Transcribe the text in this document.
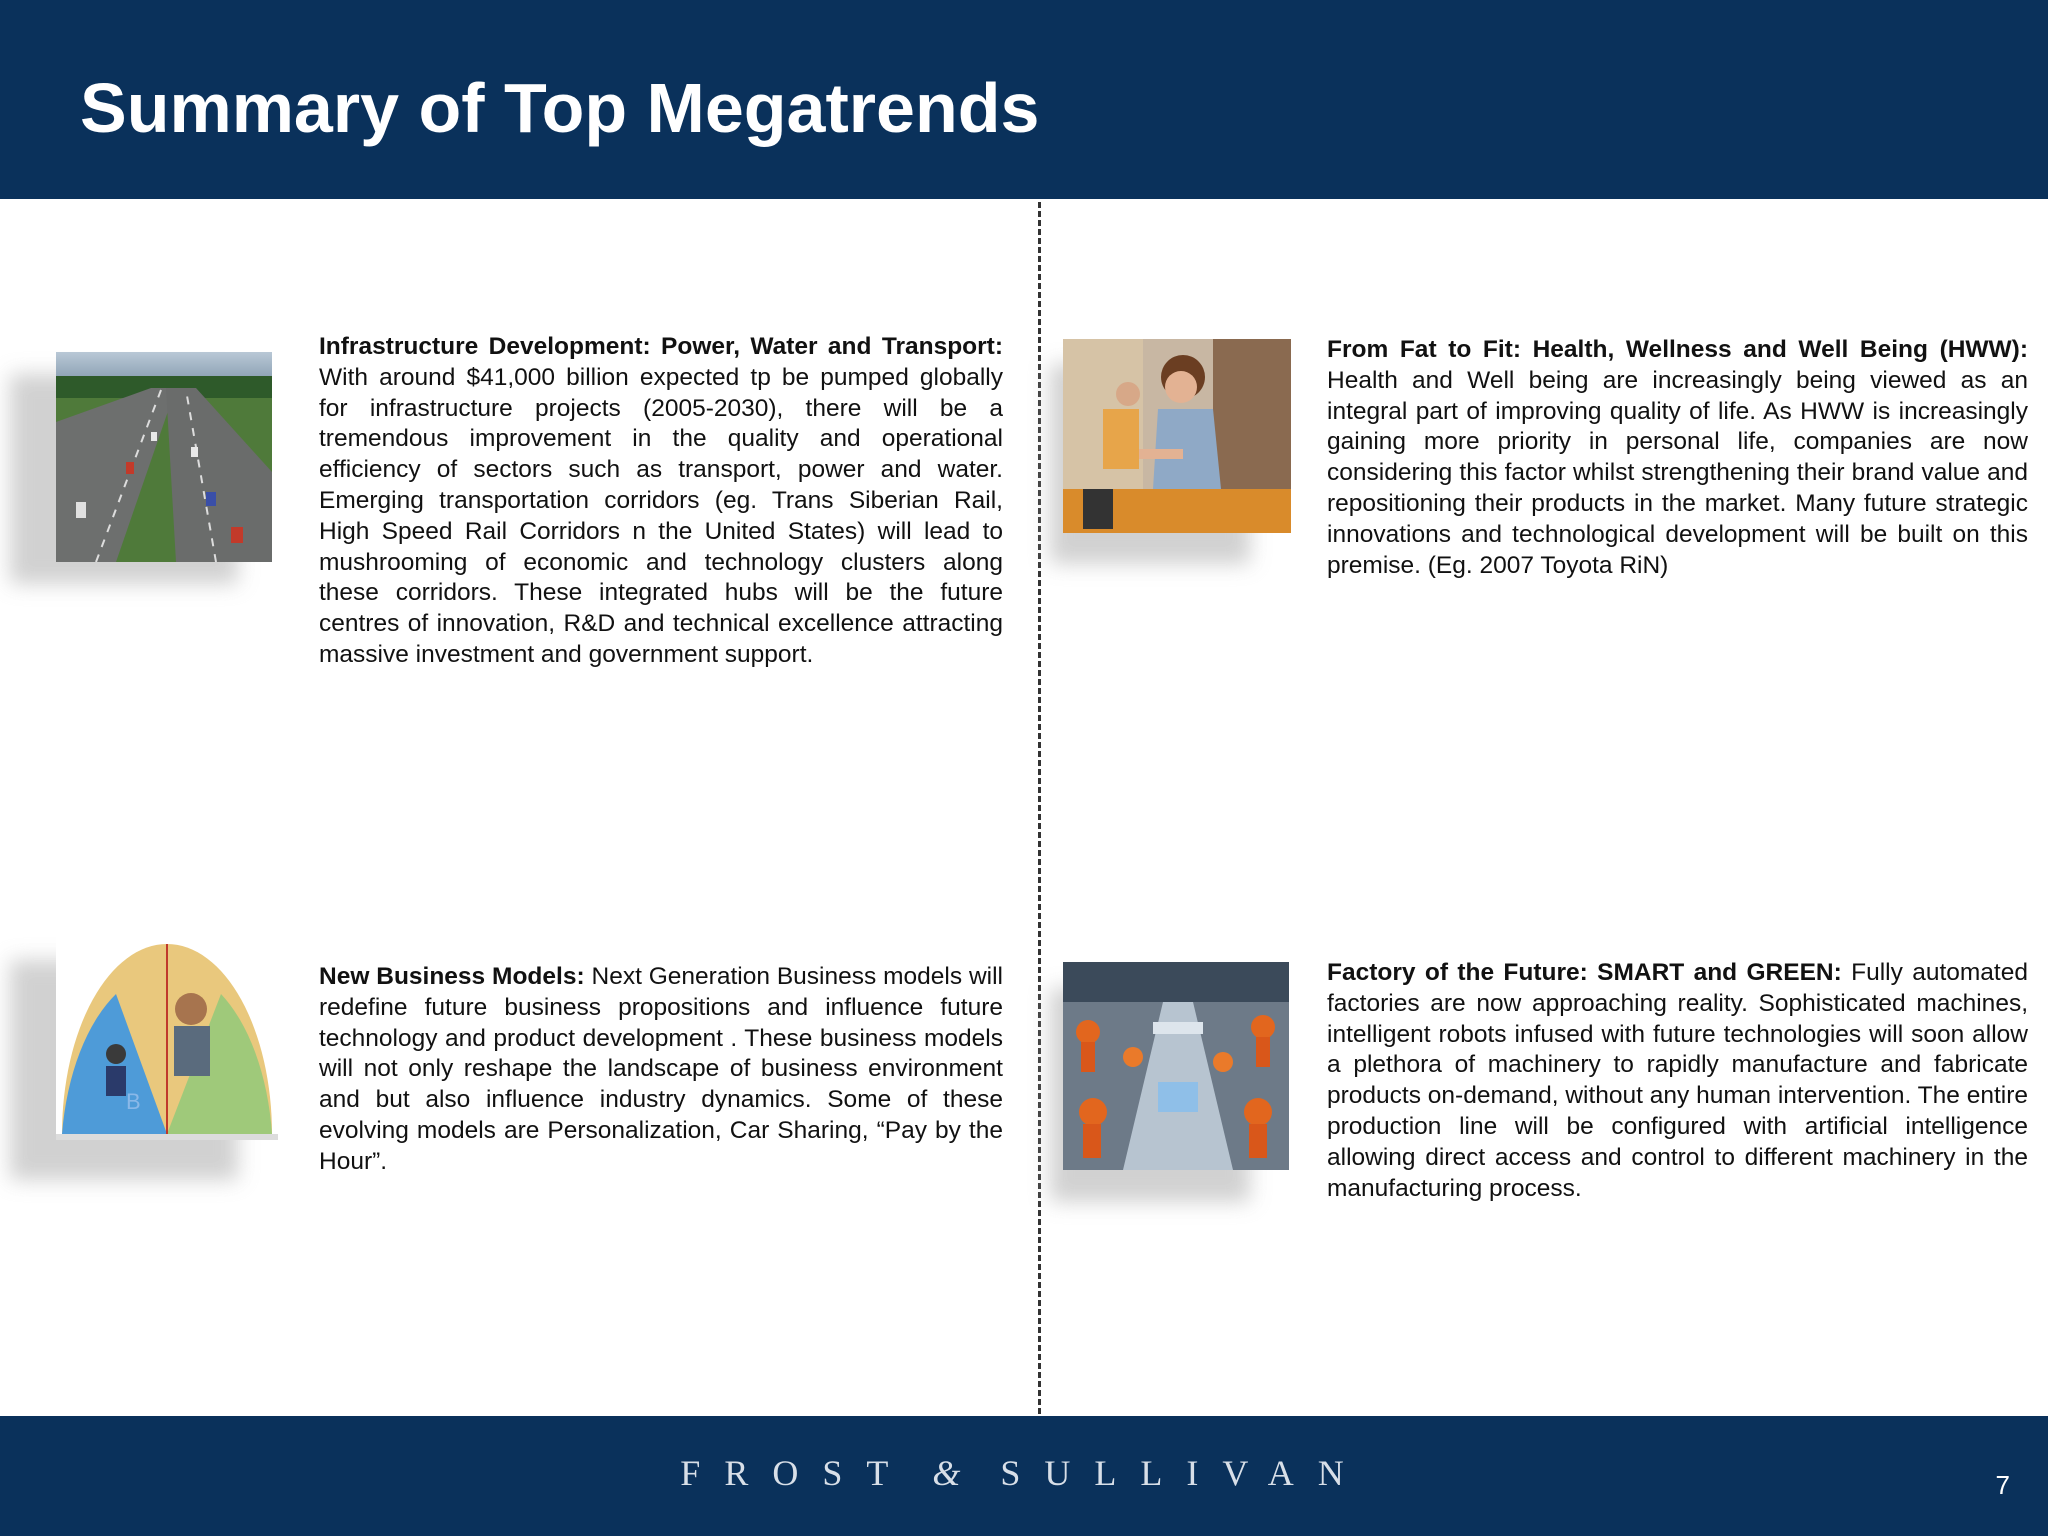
Summary of Top Megatrends
Infrastructure Development: Power, Water and Transport: With around $41,000 billion expected tp be pumped globally for infrastructure projects (2005-2030), there will be a tremendous improvement in the quality and operational efficiency of sectors such as transport, power and water. Emerging transportation corridors (eg. Trans Siberian Rail, High Speed Rail Corridors n the United States) will lead to mushrooming of economic and technology clusters along these corridors. These integrated hubs will be the future centres of innovation, R&D and technical excellence attracting massive investment and government support.
From Fat to Fit: Health, Wellness and Well Being (HWW): Health and Well being are increasingly being viewed as an integral part of improving quality of life. As HWW is increasingly gaining more priority in personal life, companies are now considering this factor whilst strengthening their brand value and repositioning their products in the market. Many future strategic innovations and technological development will be built on this premise. (Eg. 2007 Toyota RiN)
B
New Business Models: Next Generation Business models will redefine future business propositions and influence future technology and product development . These business models will not only reshape the landscape of business environment and but also influence industry dynamics. Some of these evolving models are Personalization, Car Sharing, “Pay by the Hour”.
Factory of the Future: SMART and GREEN: Fully automated factories are now approaching reality. Sophisticated machines, intelligent robots infused with future technologies will soon allow a plethora of machinery to rapidly manufacture and fabricate products on-demand, without any human intervention. The entire production line will be configured with artificial intelligence allowing direct access and control to different machinery in the manufacturing process.
FROST & SULLIVAN	7
